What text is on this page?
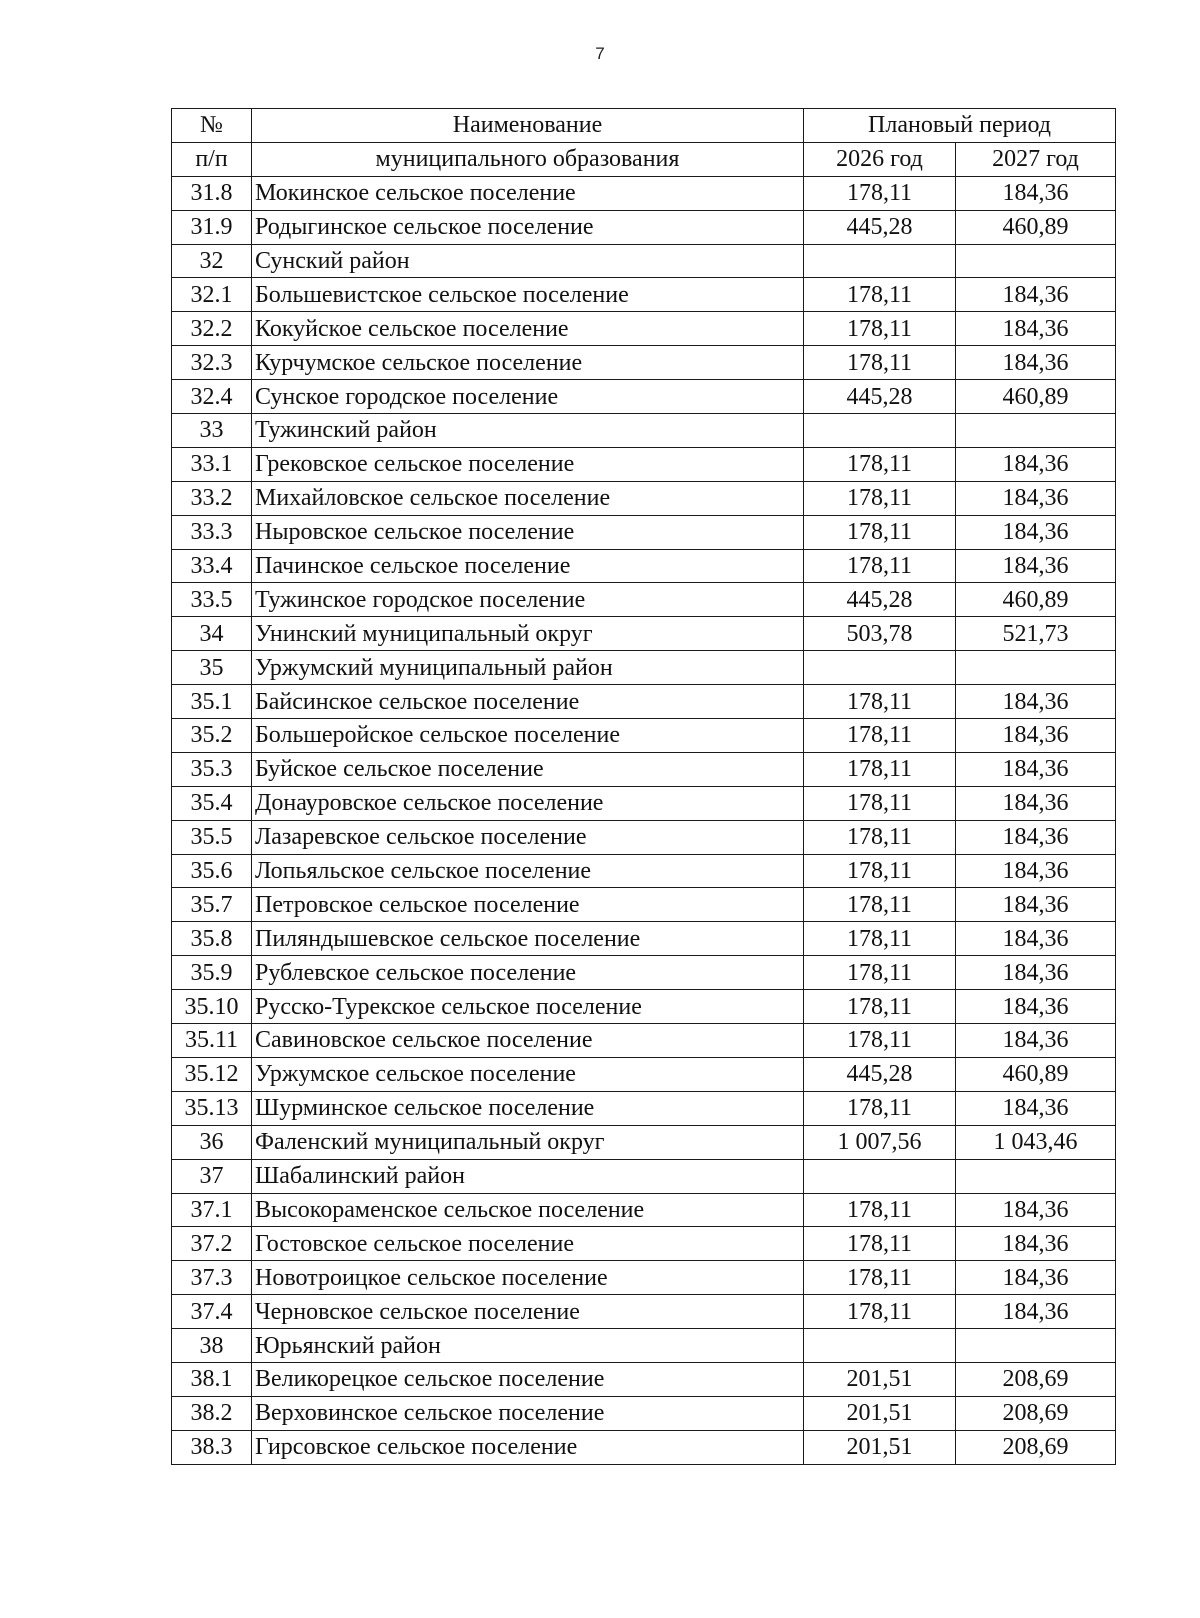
7
№	Наименование	Плановый период	
п/п	муниципального образования	2026 год	2027 год
31.8	Мокинское сельское поселение	178,11	184,36
31.9	Родыгинское сельское поселение	445,28	460,89
32	Сунский район		
32.1	Большевистское сельское поселение	178,11	184,36
32.2	Кокуйское сельское поселение	178,11	184,36
32.3	Курчумское сельское поселение	178,11	184,36
32.4	Сунское городское поселение	445,28	460,89
33	Тужинский район		
33.1	Грековское сельское поселение	178,11	184,36
33.2	Михайловское сельское поселение	178,11	184,36
33.3	Ныровское сельское поселение	178,11	184,36
33.4	Пачинское сельское поселение	178,11	184,36
33.5	Тужинское городское поселение	445,28	460,89
34	Унинский муниципальный округ	503,78	521,73
35	Уржумский муниципальный район		
35.1	Байсинское сельское поселение	178,11	184,36
35.2	Большеройское сельское поселение	178,11	184,36
35.3	Буйское сельское поселение	178,11	184,36
35.4	Донауровское сельское поселение	178,11	184,36
35.5	Лазаревское сельское поселение	178,11	184,36
35.6	Лопьяльское сельское поселение	178,11	184,36
35.7	Петровское сельское поселение	178,11	184,36
35.8	Пиляндышевское сельское поселение	178,11	184,36
35.9	Рублевское сельское поселение	178,11	184,36
35.10	Русско-Турекское сельское поселение	178,11	184,36
35.11	Савиновское сельское поселение	178,11	184,36
35.12	Уржумское сельское поселение	445,28	460,89
35.13	Шурминское сельское поселение	178,11	184,36
36	Фаленский муниципальный округ	1 007,56	1 043,46
37	Шабалинский район		
37.1	Высокораменское сельское поселение	178,11	184,36
37.2	Гостовское сельское поселение	178,11	184,36
37.3	Новотроицкое сельское поселение	178,11	184,36
37.4	Черновское сельское поселение	178,11	184,36
38	Юрьянский район		
38.1	Великорецкое сельское поселение	201,51	208,69
38.2	Верховинское сельское поселение	201,51	208,69
38.3	Гирсовское сельское поселение	201,51	208,69
